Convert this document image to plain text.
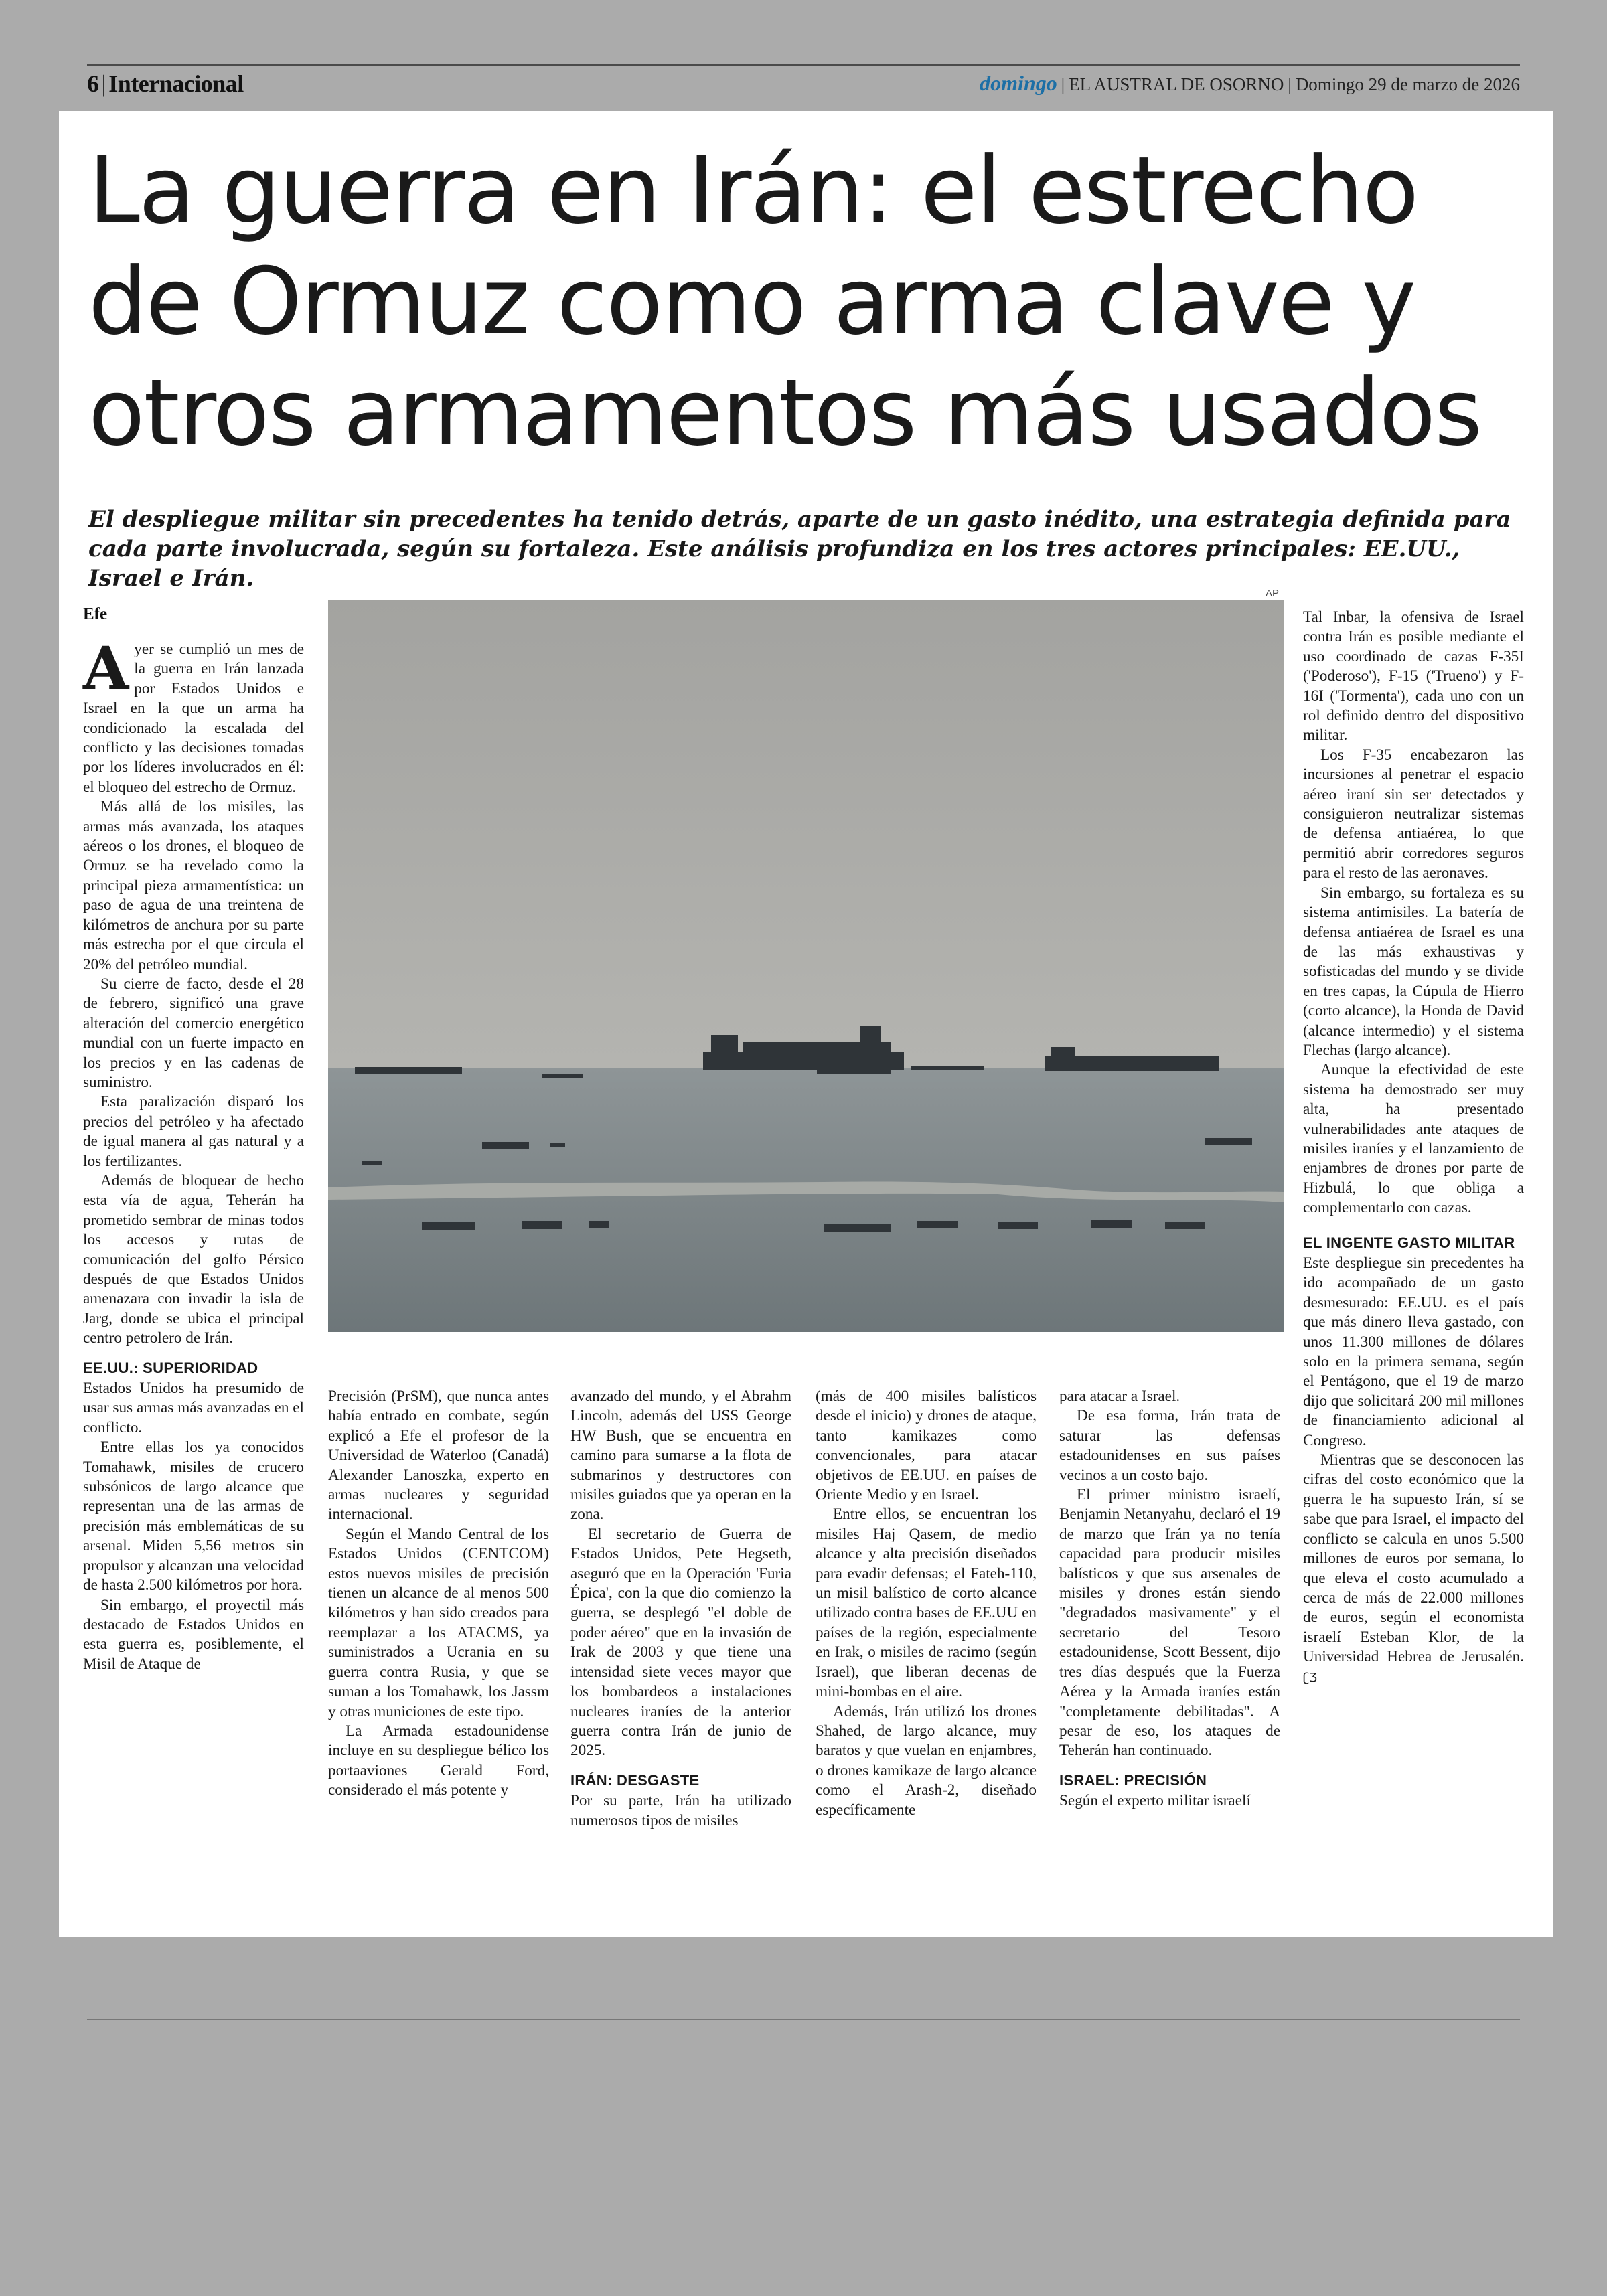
6 | Internacional	domingo | EL AUSTRAL DE OSORNO | Domingo 29 de marzo de 2026
La guerra en Irán: el estrecho de Ormuz como arma clave y otros armamentos más usados

El despliegue militar sin precedentes ha tenido detrás, aparte de un gasto inédito, una estrategia definida para cada parte involucrada, según su fortaleza. Este análisis profundiza en los tres actores principales: EE.UU., Israel e Irán.

Efe
AP

Ayer se cumplió un mes de la guerra en Irán lanzada por Estados Unidos e Israel en la que un arma ha condicionado la escalada del conflicto y las decisiones tomadas por los líderes involucrados en él: el bloqueo del estrecho de Ormuz.

Más allá de los misiles, las armas más avanzada, los ataques aéreos o los drones, el bloqueo de Ormuz se ha revelado como la principal pieza armamentística: un paso de agua de una treintena de kilómetros de anchura por su parte más estrecha por el que circula el 20% del petróleo mundial.

Su cierre de facto, desde el 28 de febrero, significó una grave alteración del comercio energético mundial con un fuerte impacto en los precios y en las cadenas de suministro.

Esta paralización disparó los precios del petróleo y ha afectado de igual manera al gas natural y a los fertilizantes.

Además de bloquear de hecho esta vía de agua, Teherán ha prometido sembrar de minas todos los accesos y rutas de comunicación del golfo Pérsico después de que Estados Unidos amenazara con invadir la isla de Jarg, donde se ubica el principal centro petrolero de Irán.

EE.UU.: SUPERIORIDAD

Estados Unidos ha presumido de usar sus armas más avanzadas en el conflicto.

Entre ellas los ya conocidos Tomahawk, misiles de crucero subsónicos de largo alcance que representan una de las armas de precisión más emblemáticas de su arsenal. Miden 5,56 metros sin propulsor y alcanzan una velocidad de hasta 2.500 kilómetros por hora.

Sin embargo, el proyectil más destacado de Estados Unidos en esta guerra es, posiblemente, el Misil de Ataque de

Precisión (PrSM), que nunca antes había entrado en combate, según explicó a Efe el profesor de la Universidad de Waterloo (Canadá) Alexander Lanoszka, experto en armas nucleares y seguridad internacional.

Según el Mando Central de los Estados Unidos (CENTCOM) estos nuevos misiles de precisión tienen un alcance de al menos 500 kilómetros y han sido creados para reemplazar a los ATACMS, ya suministrados a Ucrania en su guerra contra Rusia, y que se suman a los Tomahawk, los Jassm y otras municiones de este tipo.

La Armada estadounidense incluye en su despliegue bélico los portaaviones Gerald Ford, considerado el más potente y

avanzado del mundo, y el Abrahm Lincoln, además del USS George HW Bush, que se encuentra en camino para sumarse a la flota de submarinos y destructores con misiles guiados que ya operan en la zona.

El secretario de Guerra de Estados Unidos, Pete Hegseth, aseguró que en la Operación 'Furia Épica', con la que dio comienzo la guerra, se desplegó "el doble de poder aéreo" que en la invasión de Irak de 2003 y que tiene una intensidad siete veces mayor que los bombardeos a instalaciones nucleares iraníes de la anterior guerra contra Irán de junio de 2025.

IRÁN: DESGASTE

Por su parte, Irán ha utilizado numerosos tipos de misiles

(más de 400 misiles balísticos desde el inicio) y drones de ataque, tanto kamikazes como convencionales, para atacar objetivos de EE.UU. en países de Oriente Medio y en Israel.

Entre ellos, se encuentran los misiles Haj Qasem, de medio alcance y alta precisión diseñados para evadir defensas; el Fateh-110, un misil balístico de corto alcance utilizado contra bases de EE.UU en países de la región, especialmente en Irak, o misiles de racimo (según Israel), que liberan decenas de mini-bombas en el aire.

Además, Irán utilizó los drones Shahed, de largo alcance, muy baratos y que vuelan en enjambres, o drones kamikaze de largo alcance como el Arash-2, diseñado específicamente

para atacar a Israel.

De esa forma, Irán trata de saturar las defensas estadounidenses en sus países vecinos a un costo bajo.

El primer ministro israelí, Benjamin Netanyahu, declaró el 19 de marzo que Irán ya no tenía capacidad para producir misiles balísticos y que sus arsenales de misiles y drones están siendo "degradados masivamente" y el secretario del Tesoro estadounidense, Scott Bessent, dijo tres días después que la Fuerza Aérea y la Armada iraníes están "completamente debilitadas". A pesar de eso, los ataques de Teherán han continuado.

ISRAEL: PRECISIÓN

Según el experto militar israelí

Tal Inbar, la ofensiva de Israel contra Irán es posible mediante el uso coordinado de cazas F-35I ('Poderoso'), F-15 ('Trueno') y F-16I ('Tormenta'), cada uno con un rol definido dentro del dispositivo militar.

Los F-35 encabezaron las incursiones al penetrar el espacio aéreo iraní sin ser detectados y consiguieron neutralizar sistemas de defensa antiaérea, lo que permitió abrir corredores seguros para el resto de las aeronaves.

Sin embargo, su fortaleza es su sistema antimisiles. La batería de defensa antiaérea de Israel es una de las más exhaustivas y sofisticadas del mundo y se divide en tres capas, la Cúpula de Hierro (corto alcance), la Honda de David (alcance intermedio) y el sistema Flechas (largo alcance).

Aunque la efectividad de este sistema ha demostrado ser muy alta, ha presentado vulnerabilidades ante ataques de misiles iraníes y el lanzamiento de enjambres de drones por parte de Hizbulá, lo que obliga a complementarlo con cazas.

EL INGENTE GASTO MILITAR

Este despliegue sin precedentes ha ido acompañado de un gasto desmesurado: EE.UU. es el país que más dinero lleva gastado, con unos 11.300 millones de dólares solo en la primera semana, según el Pentágono, que el 19 de marzo dijo que solicitará 200 mil millones de financiamiento adicional al Congreso.

Mientras que se desconocen las cifras del costo económico que la guerra le ha supuesto Irán, sí se sabe que para Israel, el impacto del conflicto se calcula en unos 5.500 millones de euros por semana, lo que eleva el costo acumulado a cerca de más de 22.000 millones de euros, según el economista israelí Esteban Klor, de la Universidad Hebrea de Jerusalén. ʗƷ
